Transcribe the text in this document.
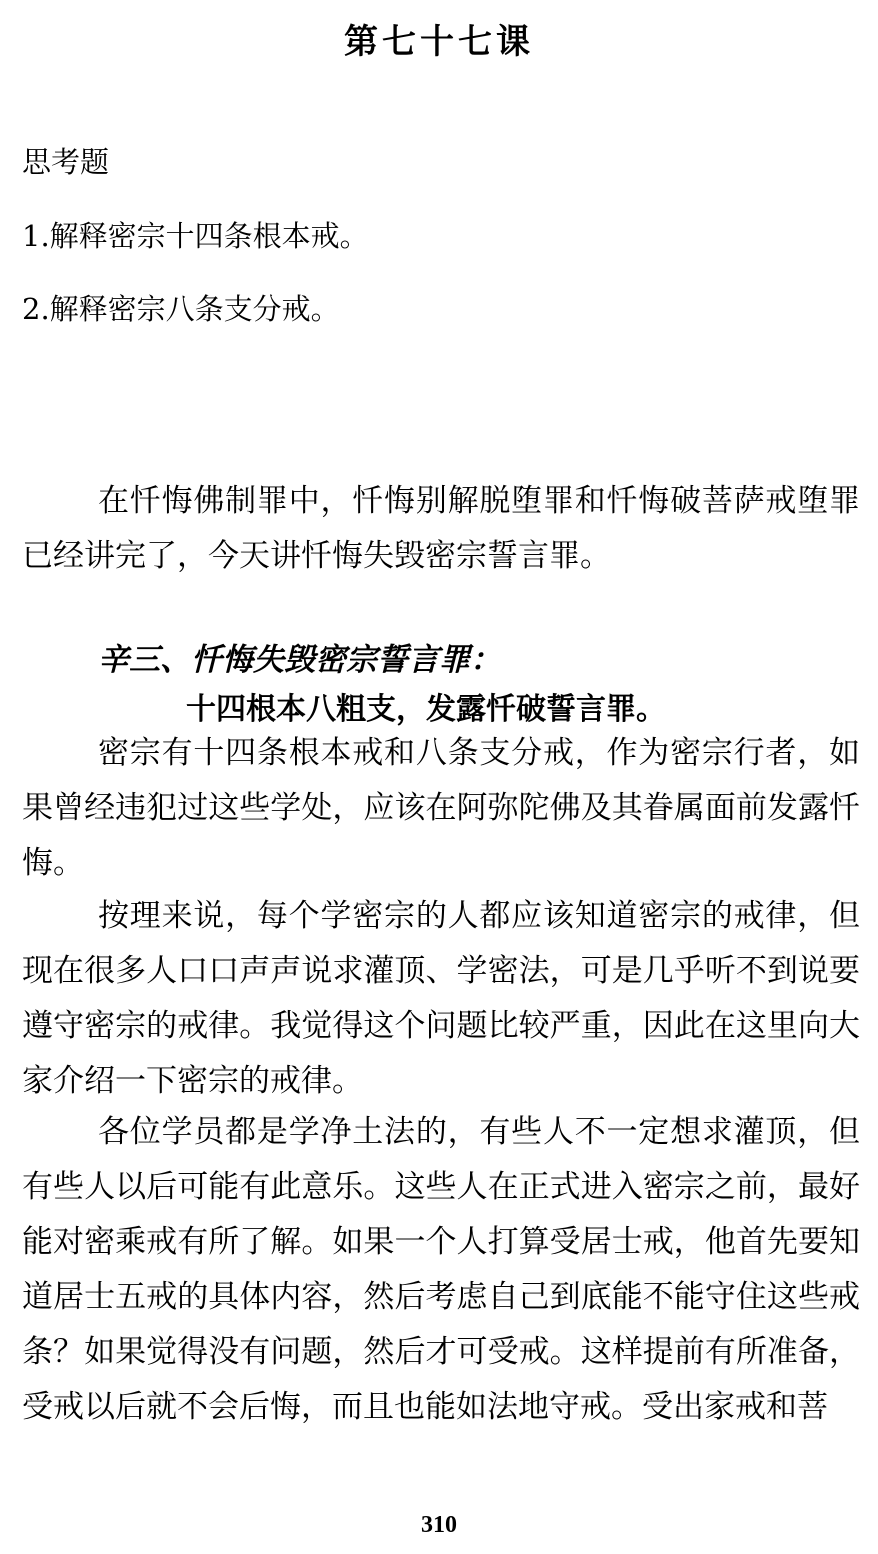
第七十七课
思考题
1.解释密宗十四条根本戒。
2.解释密宗八条支分戒。

在忏悔佛制罪中，忏悔别解脱堕罪和忏悔破菩萨戒堕罪已经讲完了，今天讲忏悔失毁密宗誓言罪。

辛三、忏悔失毁密宗誓言罪：
十四根本八粗支，发露忏破誓言罪。

密宗有十四条根本戒和八条支分戒，作为密宗行者，如果曾经违犯过这些学处，应该在阿弥陀佛及其眷属面前发露忏悔。

按理来说，每个学密宗的人都应该知道密宗的戒律，但现在很多人口口声声说求灌顶、学密法，可是几乎听不到说要遵守密宗的戒律。我觉得这个问题比较严重，因此在这里向大家介绍一下密宗的戒律。

各位学员都是学净土法的，有些人不一定想求灌顶，但有些人以后可能有此意乐。这些人在正式进入密宗之前，最好能对密乘戒有所了解。如果一个人打算受居士戒，他首先要知道居士五戒的具体内容，然后考虑自己到底能不能守住这些戒条？如果觉得没有问题，然后才可受戒。这样提前有所准备，受戒以后就不会后悔，而且也能如法地守戒。受出家戒和菩

310
